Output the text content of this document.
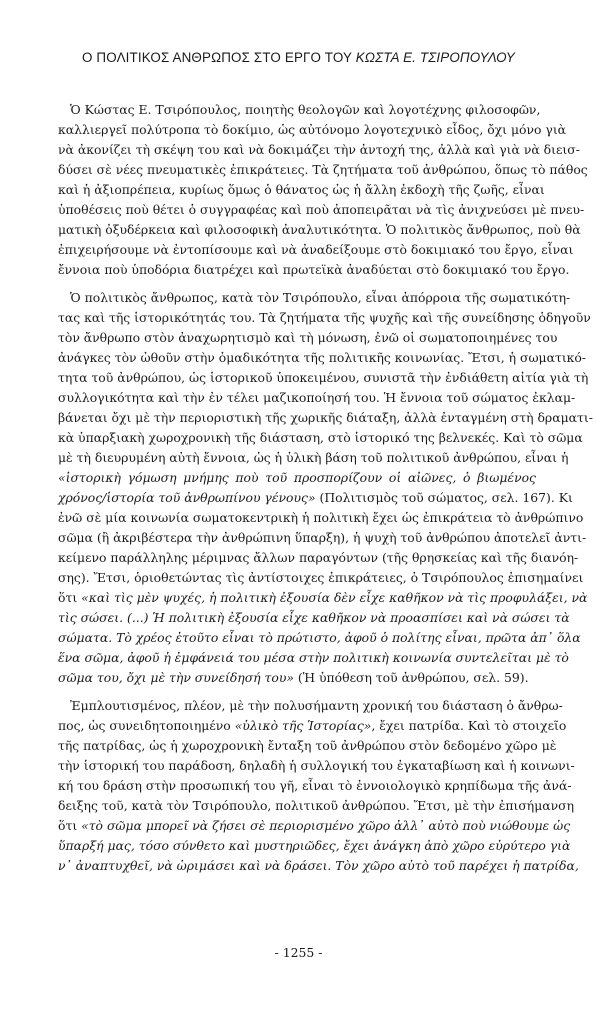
Ο ΠΟΛΙΤΙΚΟΣ ΑΝΘΡΩΠΟΣ ΣΤΟ ΕΡΓΟ ΤΟΥ ΚΩΣΤΑ Ε. ΤΣΙΡΟΠΟΥΛΟΥ
Ὁ Κώστας Ε. Τσιρόπουλος, ποιητὴς θεολογῶν καὶ λογοτέχνης φιλοσοφῶν,
καλλιεργεῖ πολύτροπα τὸ δοκίμιο, ὡς αὐτόνομο λογοτεχνικὸ εἶδος, ὄχι μόνο γιὰ
νὰ ἀκονίζει τὴ σκέψη του καὶ νὰ δοκιμάζει τὴν ἀντοχή της, ἀλλὰ καὶ γιὰ νὰ διεισ-
δύσει σὲ νέες πνευματικὲς ἐπικράτειες. Τὰ ζητήματα τοῦ ἀνθρώπου, ὅπως τὸ πάθος
καὶ ἡ ἀξιοπρέπεια, κυρίως ὅμως ὁ θάνατος ὡς ἡ ἄλλη ἐκδοχὴ τῆς ζωῆς, εἶναι
ὑποθέσεις ποὺ θέτει ὁ συγγραφέας καὶ ποὺ ἀποπειρᾶται νὰ τὶς ἀνιχνεύσει μὲ πνευ-
ματικὴ ὀξυδέρκεια καὶ φιλοσοφικὴ ἀναλυτικότητα. Ὁ πολιτικὸς ἄνθρωπος, ποὺ θὰ
ἐπιχειρήσουμε νὰ ἐντοπίσουμε καὶ νὰ ἀναδείξουμε στὸ δοκιμιακό του ἔργο, εἶναι
ἔννοια ποὺ ὑποδόρια διατρέχει καὶ πρωτεϊκὰ ἀναδύεται στὸ δοκιμιακό του ἔργο.
Ὁ πολιτικὸς ἄνθρωπος, κατὰ τὸν Τσιρόπουλο, εἶναι ἀπόρροια τῆς σωματικότη-
τας καὶ τῆς ἱστορικότητάς του. Τὰ ζητήματα τῆς ψυχῆς καὶ τῆς συνείδησης ὁδηγοῦν
τὸν ἄνθρωπο στὸν ἀναχωρητισμὸ καὶ τὴ μόνωση, ἐνῶ οἱ σωματοποιημένες του
ἀνάγκες τὸν ὠθοῦν στὴν ὁμαδικότητα τῆς πολιτικῆς κοινωνίας. Ἔτσι, ἡ σωματικό-
τητα τοῦ ἀνθρώπου, ὡς ἱστορικοῦ ὑποκειμένου, συνιστᾶ τὴν ἐνδιάθετη αἰτία γιὰ τὴ
συλλογικότητα καὶ τὴν ἐν τέλει μαζικοποίησή του. Ἡ ἔννοια τοῦ σώματος ἐκλαμ-
βάνεται ὄχι μὲ τὴν περιοριστικὴ τῆς χωρικῆς διάταξη, ἀλλὰ ἐνταγμένη στὴ δραματι-
κὰ ὑπαρξιακὴ χωροχρονικὴ τῆς διάσταση, στὸ ἱστορικό της βελνεκές. Καὶ τὸ σῶμα
μὲ τὴ διευρυμένη αὐτὴ ἔννοια, ὡς ἡ ὑλικὴ βάση τοῦ πολιτικοῦ ἀνθρώπου, εἶναι ἡ
«ἱστορικὴ γόμωση μνήμης ποὺ τοῦ προσπορίζουν οἱ αἰῶνες, ὁ βιωμένος
χρόνος/ἱστορία τοῦ ἀνθρωπίνου γένους» (Πολιτισμὸς τοῦ σώματος, σελ. 167). Κι
ἐνῶ σὲ μία κοινωνία σωματοκεντρικὴ ἡ πολιτικὴ ἔχει ὡς ἐπικράτεια τὸ ἀνθρώπινο
σῶμα (ἢ ἀκριβέστερα τὴν ἀνθρώπινη ὕπαρξη), ἡ ψυχὴ τοῦ ἀνθρώπου ἀποτελεῖ ἀντι-
κείμενο παράλληλης μέριμνας ἄλλων παραγόντων (τῆς θρησκείας καὶ τῆς διανόη-
σης). Ἔτσι, ὁριοθετώντας τὶς ἀντίστοιχες ἐπικράτειες, ὁ Τσιρόπουλος ἐπισημαίνει
ὅτι «καὶ τὶς μὲν ψυχές, ἡ πολιτικὴ ἐξουσία δὲν εἶχε καθῆκον νὰ τὶς προφυλάξει, νὰ
τὶς σώσει. (...) Ἡ πολιτικὴ ἐξουσία εἶχε καθῆκον νὰ προασπίσει καὶ νὰ σώσει τὰ
σώματα. Τὸ χρέος ἐτοῦτο εἶναι τὸ πρώτιστο, ἀφοῦ ὁ πολίτης εἶναι, πρῶτα ἀπ᾿ ὅλα
ἕνα σῶμα, ἀφοῦ ἡ ἐμφάνειά του μέσα στὴν πολιτικὴ κοινωνία συντελεῖται μὲ τὸ
σῶμα του, ὄχι μὲ τὴν συνείδησή του» (Ἡ ὑπόθεση τοῦ ἀνθρώπου, σελ. 59).
Ἐμπλουτισμένος, πλέον, μὲ τὴν πολυσήμαντη χρονική του διάσταση ὁ ἄνθρω-
πος, ὡς συνειδητοποιημένο «ὑλικὸ τῆς Ἱστορίας», ἔχει πατρίδα. Καὶ τὸ στοιχεῖο
τῆς πατρίδας, ὡς ἡ χωροχρονικὴ ἔνταξη τοῦ ἀνθρώπου στὸν δεδομένο χῶρο μὲ
τὴν ἱστορική του παράδοση, δηλαδὴ ἡ συλλογική του ἐγκαταβίωση καὶ ἡ κοινωνι-
κή του δράση στὴν προσωπική του γῆ, εἶναι τὸ ἐννοιολογικὸ κρηπίδωμα τῆς ἀνά-
δειξης τοῦ, κατὰ τὸν Τσιρόπουλο, πολιτικοῦ ἀνθρώπου. Ἔτσι, μὲ τὴν ἐπισήμανση
ὅτι «τὸ σῶμα μπορεῖ νὰ ζήσει σὲ περιορισμένο χῶρο ἀλλ᾿ αὐτὸ ποὺ νιώθουμε ὡς
ὕπαρξή μας, τόσο σύνθετο καὶ μυστηριῶδες, ἔχει ἀνάγκη ἀπὸ χῶρο εὐρύτερο γιὰ
ν᾿ ἀναπτυχθεῖ, νὰ ὡριμάσει καὶ νὰ δράσει. Τὸν χῶρο αὐτὸ τοῦ παρέχει ἡ πατρίδα,
- 1255 -
